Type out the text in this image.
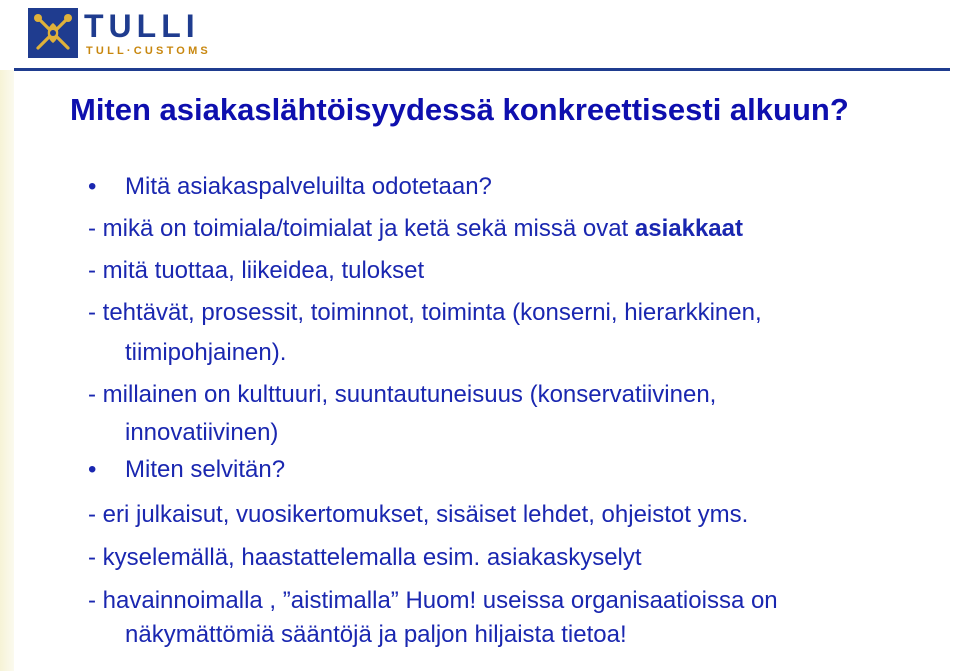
TULLI
TULL·CUSTOMS
Miten asiakaslähtöisyydessä konkreettisesti alkuun?
• Mitä asiakaspalveluilta odotetaan?
- mikä on toimiala/toimialat ja ketä sekä missä ovat asiakkaat
- mitä tuottaa, liikeidea, tulokset
- tehtävät, prosessit, toiminnot, toiminta (konserni, hierarkkinen,
tiimipohjainen).
- millainen on kulttuuri, suuntautuneisuus (konservatiivinen,
innovatiivinen)
• Miten selvitän?
- eri julkaisut, vuosikertomukset, sisäiset lehdet, ohjeistot yms.
- kyselemällä, haastattelemalla esim. asiakaskyselyt
- havainnoimalla , ”aistimalla” Huom! useissa organisaatioissa on
näkymättömiä sääntöjä ja paljon hiljaista tietoa!
